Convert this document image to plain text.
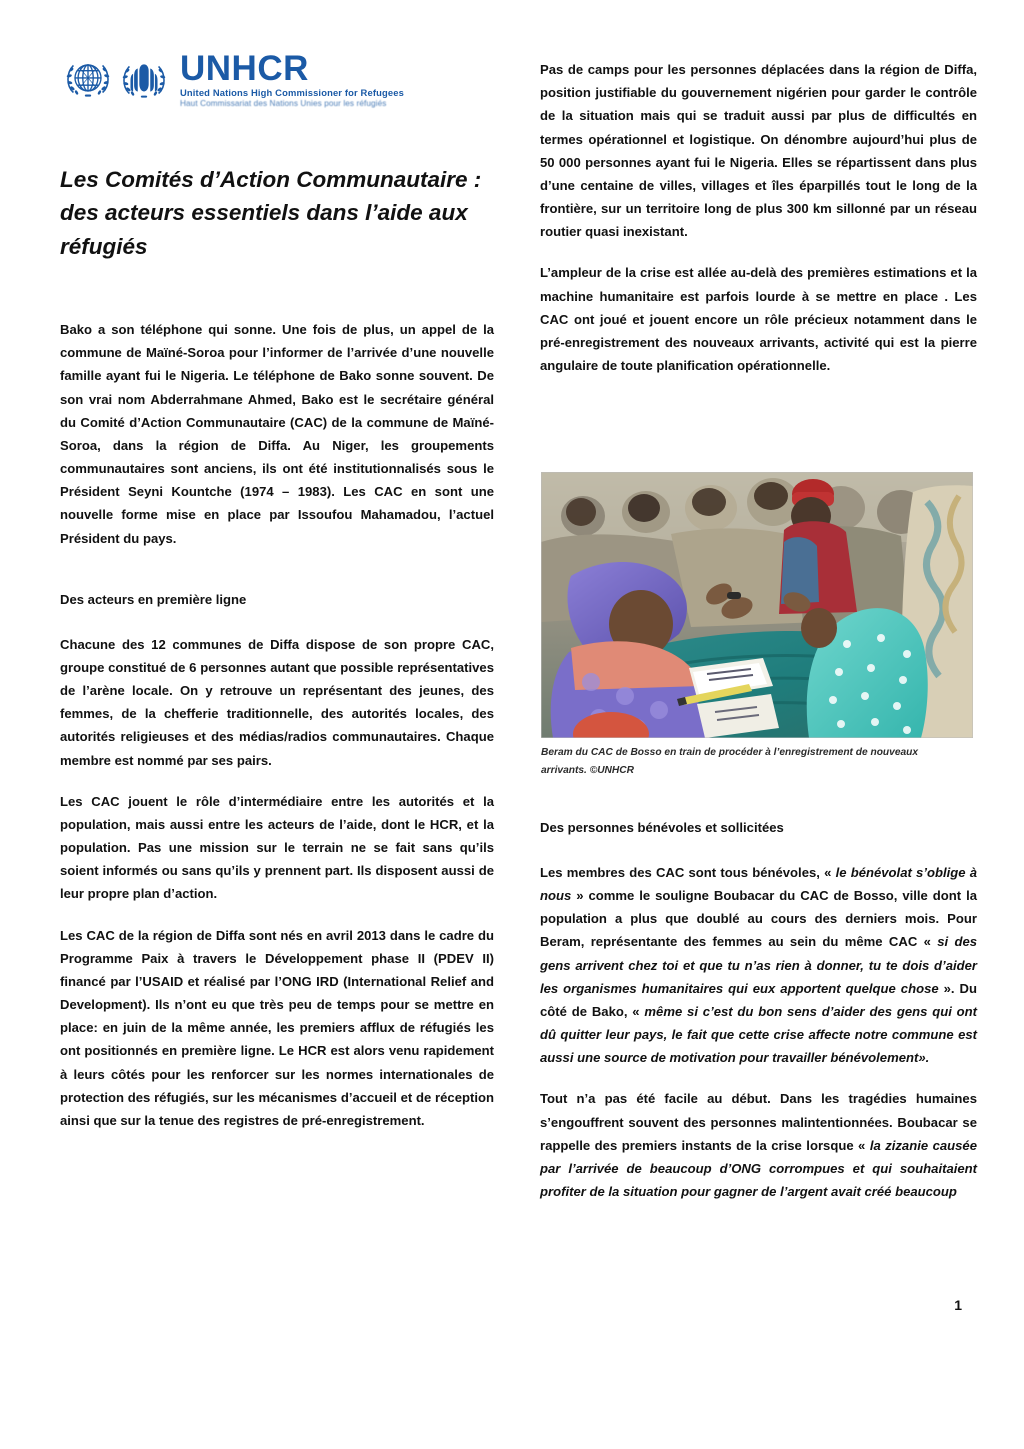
UNHCR
United Nations High Commissioner for Refugees
Haut Commissariat des Nations Unies pour les réfugiés
Les Comités d’Action Communautaire :
des acteurs essentiels dans l’aide aux
réfugiés

Bako a son téléphone qui sonne. Une fois de plus, un appel de la commune de Maïné-Soroa pour l’informer de l’arrivée d’une nouvelle famille ayant fui le Nigeria. Le téléphone de Bako sonne souvent. De son vrai nom Abderrahmane Ahmed, Bako est le secrétaire général du Comité d’Action Communautaire (CAC) de la commune de Maïné-Soroa, dans la région de Diffa. Au Niger, les groupements communautaires sont anciens, ils ont été institutionnalisés sous le Président Seyni Kountche (1974 – 1983). Les CAC en sont une nouvelle forme mise en place par Issoufou Mahamadou, l’actuel Président du pays.

Des acteurs en première ligne

Chacune des 12 communes de Diffa dispose de son propre CAC, groupe constitué de 6 personnes autant que possible représentatives de l’arène locale. On y retrouve un représentant des jeunes, des femmes, de la chefferie traditionnelle, des autorités locales, des autorités religieuses et des médias/radios communautaires. Chaque membre est nommé par ses pairs.

Les CAC jouent le rôle d’intermédiaire entre les autorités et la population, mais aussi entre les acteurs de l’aide, dont le HCR, et la population. Pas une mission sur le terrain ne se fait sans qu’ils soient informés ou sans qu’ils y prennent part. Ils disposent aussi de leur propre plan d’action.

Les CAC de la région de Diffa sont nés en avril 2013 dans le cadre du Programme Paix à travers le Développement phase II (PDEV II) financé par l’USAID et réalisé par l’ONG IRD (International Relief and Development). Ils n’ont eu que très peu de temps pour se mettre en place: en juin de la même année, les premiers afflux de réfugiés les ont positionnés en première ligne. Le HCR est alors venu rapidement à leurs côtés pour les renforcer sur les normes internationales de protection des réfugiés, sur les mécanismes d’accueil et de réception ainsi que sur la tenue des registres de pré-enregistrement.

Pas de camps pour les personnes déplacées dans la région de Diffa, position justifiable du gouvernement nigérien pour garder le contrôle de la situation mais qui se traduit aussi par plus de difficultés en termes opérationnel et logistique. On dénombre aujourd’hui plus de 50 000 personnes ayant fui le Nigeria. Elles se répartissent dans plus d’une centaine de villes, villages et îles éparpillés tout le long de la frontière, sur un territoire long de plus 300 km sillonné par un réseau routier quasi inexistant.

L’ampleur de la crise est allée au-delà des premières estimations et la machine humanitaire est parfois lourde à se mettre en place . Les CAC ont joué et jouent encore un rôle précieux notamment dans le pré-enregistrement des nouveaux arrivants, activité qui est la pierre angulaire de toute planification opérationnelle.

Beram du CAC de Bosso en train de procéder à l’enregistrement de nouveaux arrivants. ©UNHCR

Des personnes bénévoles et sollicitées

Les membres des CAC sont tous bénévoles, « le bénévolat s’oblige à nous » comme le souligne Boubacar du CAC de Bosso, ville dont la population a plus que doublé au cours des derniers mois. Pour Beram, représentante des femmes au sein du même CAC « si des gens arrivent chez toi et que tu n’as rien à donner, tu te dois d’aider les organismes humanitaires qui eux apportent quelque chose ». Du côté de Bako, « même si c’est du bon sens d’aider des gens qui ont dû quitter leur pays, le fait que cette crise affecte notre commune est aussi une source de motivation pour travailler bénévolement».

Tout n’a pas été facile au début. Dans les tragédies humaines s’engouffrent souvent des personnes malintentionnées. Boubacar se rappelle des premiers instants de la crise lorsque « la zizanie causée par l’arrivée de beaucoup d’ONG corrompues et qui souhaitaient profiter de la situation pour gagner de l’argent avait créé beaucoup

1
